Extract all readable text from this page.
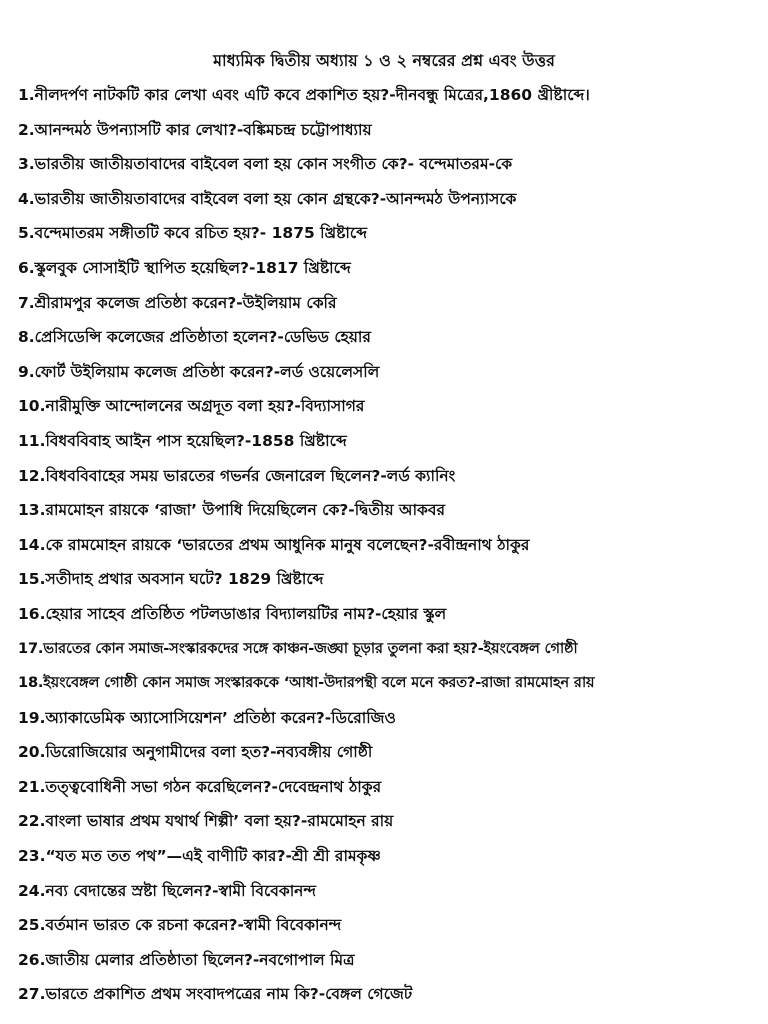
মাধ্যমিক দ্বিতীয় অধ্যায় ১ ও ২ নম্বরের প্রশ্ন এবং উত্তর
1.নীলদর্পণ নাটকটি কার লেখা এবং এটি কবে প্রকাশিত হয়?-দীনবন্ধু মিত্রের,1860 খ্রীষ্টাব্দে।
2.আনন্দমঠ উপন্যাসটি কার লেখা?-বঙ্কিমচন্দ্র চট্টোপাধ্যায়
3.ভারতীয় জাতীয়তাবাদের বাইবেল বলা হয় কোন সংগীত কে?- বন্দেমাতরম-কে
4.ভারতীয় জাতীয়তাবাদের বাইবেল বলা হয় কোন গ্রন্থকে?-আনন্দমঠ উপন্যাসকে
5.বন্দেমাতরম সঙ্গীতটি কবে রচিত হয়?- 1875 খ্রিষ্টাব্দে
6.স্কুলবুক সোসাইটি স্থাপিত হয়েছিল?-1817 খ্রিষ্টাব্দে
7.শ্রীরামপুর কলেজ প্রতিষ্ঠা করেন?-উইলিয়াম কেরি
8.প্রেসিডেন্সি কলেজের প্রতিষ্ঠাতা হলেন?-ডেভিড হেয়ার
9.ফোর্ট উইলিয়াম কলেজ প্রতিষ্ঠা করেন?-লর্ড ওয়েলেসলি
10.নারীমুক্তি আন্দোলনের অগ্রদূত বলা হয়?-বিদ্যাসাগর
11.বিধববিবাহ আইন পাস হয়েছিল?-1858 খ্রিষ্টাব্দে
12.বিধববিবাহের সময় ভারতের গভর্নর জেনারেল ছিলেন?-লর্ড ক্যানিং
13.রামমোহন রায়কে ‘রাজা’ উপাধি দিয়েছিলেন কে?-দ্বিতীয় আকবর
14.কে রামমোহন রায়কে ‘ভারতের প্রথম আধুনিক মানুষ বলেছেন?-রবীন্দ্রনাথ ঠাকুর
15.সতীদাহ প্রথার অবসান ঘটে? 1829 খ্রিষ্টাব্দে
16.হেয়ার সাহেব প্রতিষ্ঠিত পটলডাঙার বিদ্যালয়টির নাম?-হেয়ার স্কুল
17.ভারতের কোন সমাজ-সংস্কারকদের সঙ্গে কাঞ্চন-জঙ্ঘা চূড়ার তুলনা করা হয়?-ইয়ংবেঙ্গল গোষ্ঠী
18.ইয়ংবেঙ্গল গোষ্ঠী কোন সমাজ সংস্কারককে ‘আধা-উদারপন্থী বলে মনে করত?-রাজা রামমোহন রায়
19.অ্যাকাডেমিক অ্যাসোসিয়েশন’ প্রতিষ্ঠা করেন?-ডিরোজিও
20.ডিরোজিয়োর অনুগামীদের বলা হত?-নব্যবঙ্গীয় গোষ্ঠী
21.তত্ত্ববোধিনী সভা গঠন করেছিলেন?-দেবেন্দ্রনাথ ঠাকুর
22.বাংলা ভাষার প্রথম যথার্থ শিল্পী’ বলা হয়?-রামমোহন রায়
23.“যত মত তত পথ”—এই বাণীটি কার?-শ্রী শ্রী রামকৃষ্ণ
24.নব্য বেদান্তের স্রষ্টা ছিলেন?-স্বামী বিবেকানন্দ
25.বর্তমান ভারত কে রচনা করেন?-স্বামী বিবেকানন্দ
26.জাতীয় মেলার প্রতিষ্ঠাতা ছিলেন?-নবগোপাল মিত্র
27.ভারতে প্রকাশিত প্রথম সংবাদপত্রের নাম কি?-বেঙ্গল গেজেট
